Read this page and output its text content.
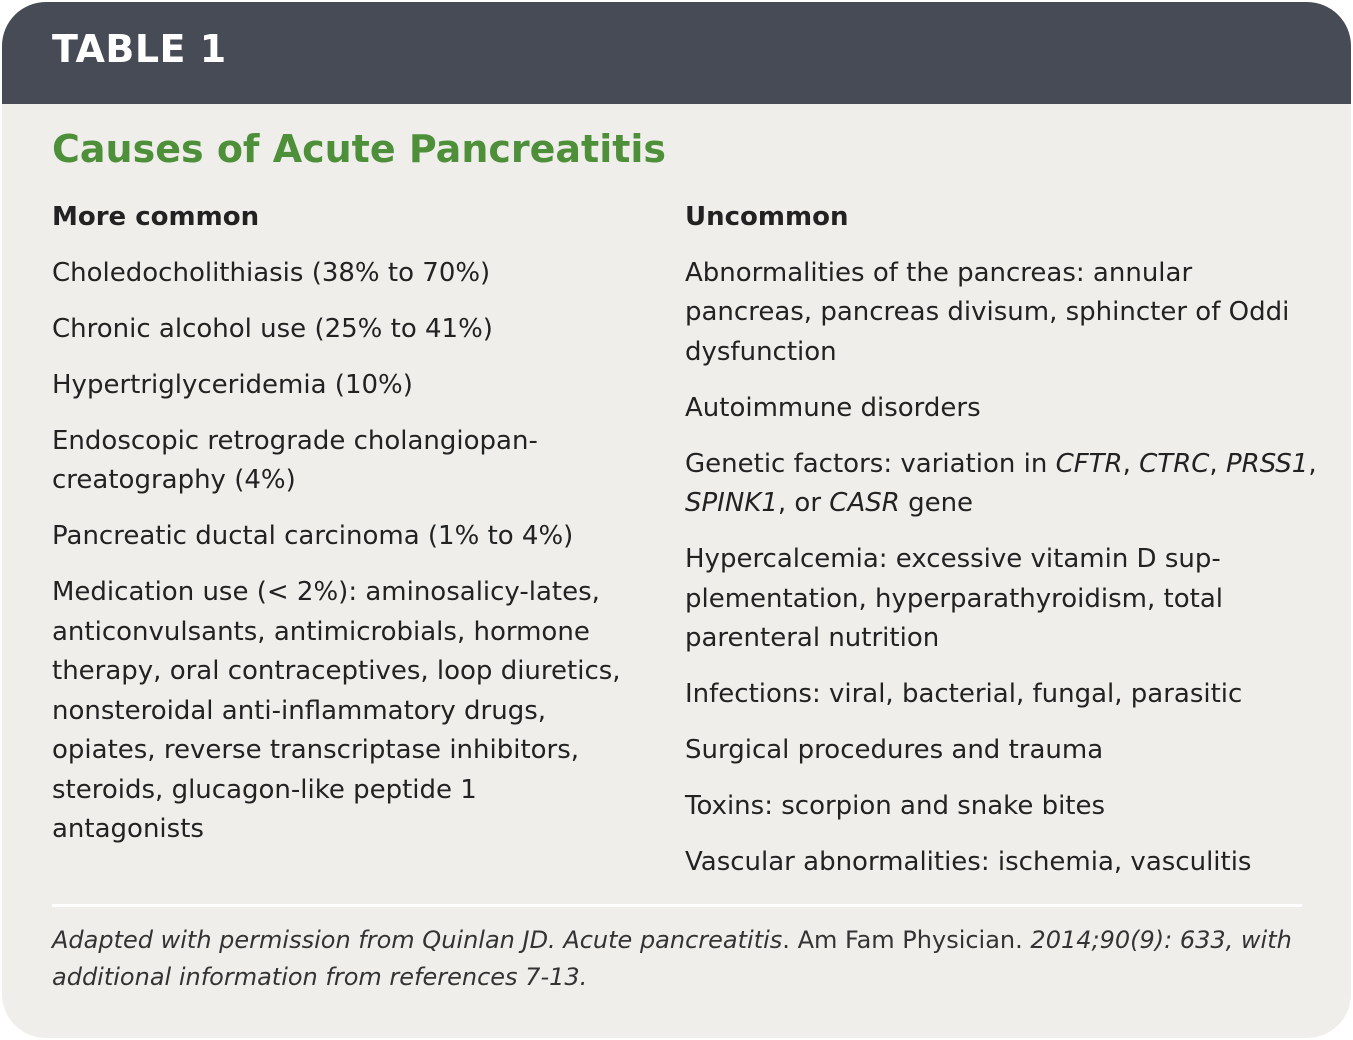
TABLE 1
Causes of Acute Pancreatitis
More common
Choledocholithiasis (38% to 70%)
Chronic alcohol use (25% to 41%)
Hypertriglyceridemia (10%)
Endoscopic retrograde cholangiopan-creatography (4%)
Pancreatic ductal carcinoma (1% to 4%)
Medication use (< 2%): aminosalicy-lates, anticonvulsants, antimicrobials, hormone therapy, oral contraceptives, loop diuretics, nonsteroidal anti-inflammatory drugs, opiates, reverse transcriptase inhibitors, steroids, glucagon-like peptide 1 antagonists
Uncommon
Abnormalities of the pancreas: annular pancreas, pancreas divisum, sphincter of Oddi dysfunction
Autoimmune disorders
Genetic factors: variation in CFTR, CTRC, PRSS1, SPINK1, or CASR gene
Hypercalcemia: excessive vitamin D sup-plementation, hyperparathyroidism, total parenteral nutrition
Infections: viral, bacterial, fungal, parasitic
Surgical procedures and trauma
Toxins: scorpion and snake bites
Vascular abnormalities: ischemia, vasculitis
Adapted with permission from Quinlan JD. Acute pancreatitis. Am Fam Physician. 2014;90(9): 633, with additional information from references 7-13.
